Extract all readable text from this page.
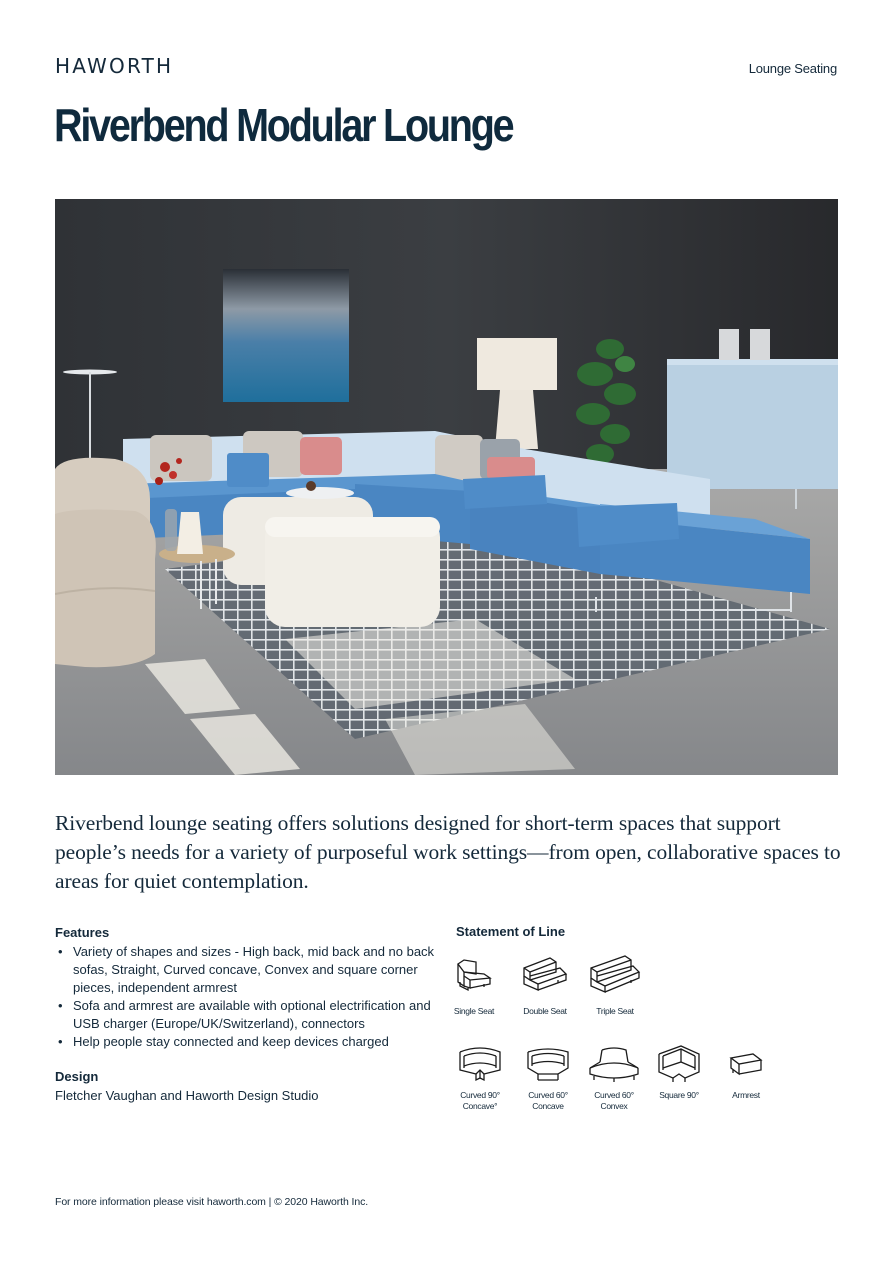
HAWORTH	Lounge Seating
Riverbend Modular Lounge

Riverbend lounge seating offers solutions designed for short-term spaces that support people’s needs for a variety of purposeful work settings—from open, collaborative spaces to areas for quiet contemplation.

Features
• Variety of shapes and sizes - High back, mid back and no back sofas, Straight, Curved concave, Convex and square corner pieces, independent armrest
• Sofa and armrest are available with optional electrification and USB charger (Europe/UK/Switzerland), connectors
• Help people stay connected and keep devices charged
Design
Fletcher Vaughan and Haworth Design Studio
Statement of Line
Single Seat	Double Seat	Triple Seat
Curved 90°
Concave°
Curved 60°
Concave
Curved 60°
Convex
Square 90°	Armrest
For more information please visit haworth.com | © 2020 Haworth Inc.
